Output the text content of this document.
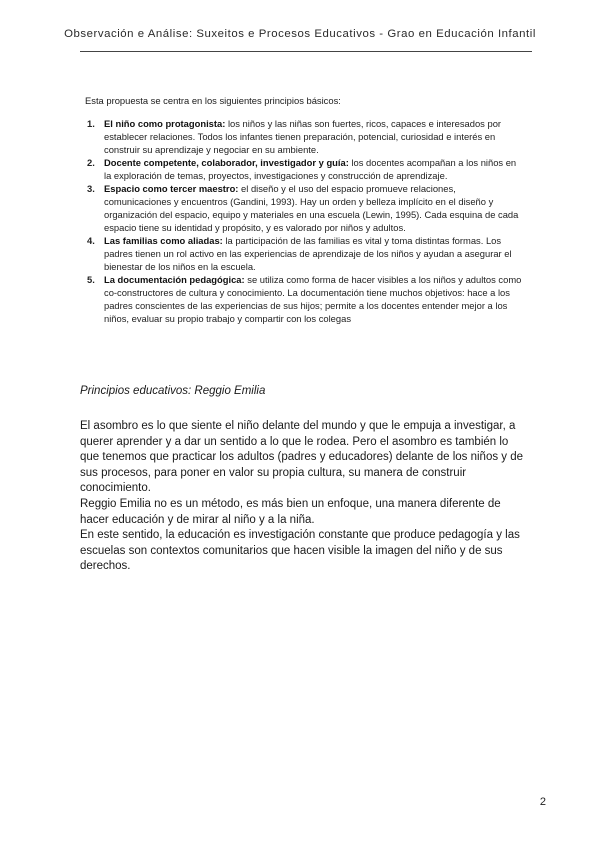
Observación e Análise: Suxeitos e Procesos Educativos - Grao en Educación Infantil
Esta propuesta se centra en los siguientes principios básicos:
1. El niño como protagonista: los niños y las niñas son fuertes, ricos, capaces e interesados por establecer relaciones. Todos los infantes tienen preparación, potencial, curiosidad e interés en construir su aprendizaje y negociar en su ambiente.
2. Docente competente, colaborador, investigador y guía: los docentes acompañan a los niños en la exploración de temas, proyectos, investigaciones y construcción de aprendizaje.
3. Espacio como tercer maestro: el diseño y el uso del espacio promueve relaciones, comunicaciones y encuentros (Gandini, 1993). Hay un orden y belleza implícito en el diseño y organización del espacio, equipo y materiales en una escuela (Lewin, 1995). Cada esquina de cada espacio tiene su identidad y propósito, y es valorado por niños y adultos.
4. Las familias como aliadas: la participación de las familias es vital y toma distintas formas. Los padres tienen un rol activo en las experiencias de aprendizaje de los niños y ayudan a asegurar el bienestar de los niños en la escuela.
5. La documentación pedagógica: se utiliza como forma de hacer visibles a los niños y adultos como co-constructores de cultura y conocimiento. La documentación tiene muchos objetivos: hace a los padres conscientes de las experiencias de sus hijos; permite a los docentes entender mejor a los niños, evaluar su propio trabajo y compartir con los colegas
Principios educativos: Reggio Emilia

El asombro es lo que siente el niño delante del mundo y que le empuja a investigar, a querer aprender y a dar un sentido a lo que le rodea. Pero el asombro es también lo que tenemos que practicar los adultos (padres y educadores) delante de los niños y de sus procesos, para poner en valor su propia cultura, su manera de construir conocimiento.

Reggio Emilia no es un método, es más bien un enfoque, una manera diferente de hacer educación y de mirar al niño y a la niña.

En este sentido, la educación es investigación constante que produce pedagogía y las escuelas son contextos comunitarios que hacen visible la imagen del niño y de sus derechos.

2
